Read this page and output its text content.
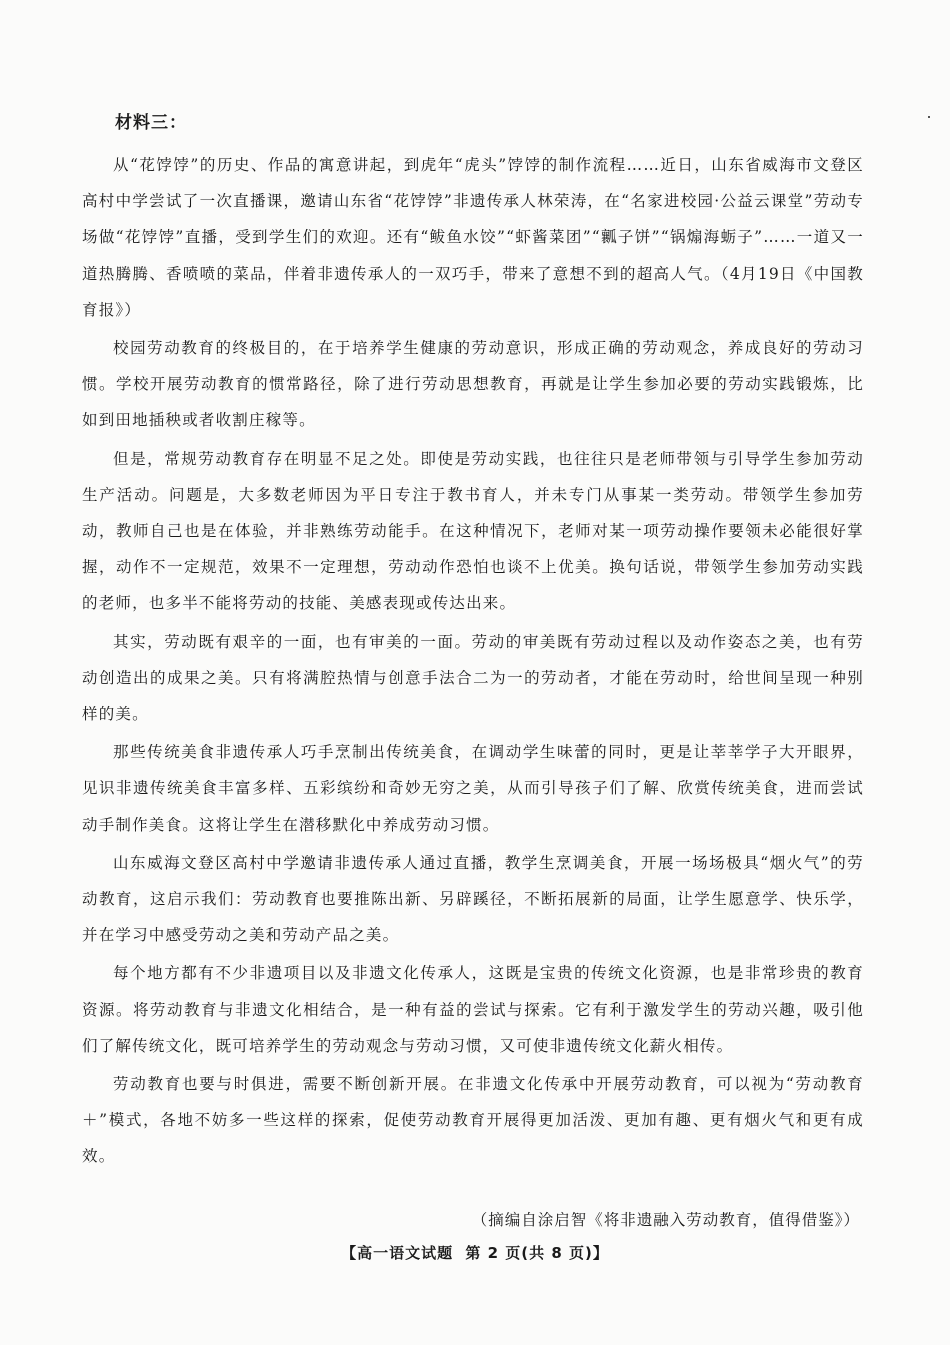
材料三：

从“花饽饽”的历史、作品的寓意讲起，到虎年“虎头”饽饽的制作流程……近日，山东省威海市文登区高村中学尝试了一次直播课，邀请山东省“花饽饽”非遗传承人林荣涛，在“名家进校园·公益云课堂”劳动专场做“花饽饽”直播，受到学生们的欢迎。还有“鲅鱼水饺”“虾酱菜团”“瓤子饼”“锅煽海蛎子”……一道又一道热腾腾、香喷喷的菜品，伴着非遗传承人的一双巧手，带来了意想不到的超高人气。（4月19日《中国教育报》）

校园劳动教育的终极目的，在于培养学生健康的劳动意识，形成正确的劳动观念，养成良好的劳动习惯。学校开展劳动教育的惯常路径，除了进行劳动思想教育，再就是让学生参加必要的劳动实践锻炼，比如到田地插秧或者收割庄稼等。

但是，常规劳动教育存在明显不足之处。即使是劳动实践，也往往只是老师带领与引导学生参加劳动生产活动。问题是，大多数老师因为平日专注于教书育人，并未专门从事某一类劳动。带领学生参加劳动，教师自己也是在体验，并非熟练劳动能手。在这种情况下，老师对某一项劳动操作要领未必能很好掌握，动作不一定规范，效果不一定理想，劳动动作恐怕也谈不上优美。换句话说，带领学生参加劳动实践的老师，也多半不能将劳动的技能、美感表现或传达出来。

其实，劳动既有艰辛的一面，也有审美的一面。劳动的审美既有劳动过程以及动作姿态之美，也有劳动创造出的成果之美。只有将满腔热情与创意手法合二为一的劳动者，才能在劳动时，给世间呈现一种别样的美。

那些传统美食非遗传承人巧手烹制出传统美食，在调动学生味蕾的同时，更是让莘莘学子大开眼界，见识非遗传统美食丰富多样、五彩缤纷和奇妙无穷之美，从而引导孩子们了解、欣赏传统美食，进而尝试动手制作美食。这将让学生在潜移默化中养成劳动习惯。

山东威海文登区高村中学邀请非遗传承人通过直播，教学生烹调美食，开展一场场极具“烟火气”的劳动教育，这启示我们：劳动教育也要推陈出新、另辟蹊径，不断拓展新的局面，让学生愿意学、快乐学，并在学习中感受劳动之美和劳动产品之美。

每个地方都有不少非遗项目以及非遗文化传承人，这既是宝贵的传统文化资源，也是非常珍贵的教育资源。将劳动教育与非遗文化相结合，是一种有益的尝试与探索。它有利于激发学生的劳动兴趣，吸引他们了解传统文化，既可培养学生的劳动观念与劳动习惯，又可使非遗传统文化薪火相传。

劳动教育也要与时俱进，需要不断创新开展。在非遗文化传承中开展劳动教育，可以视为“劳动教育＋”模式，各地不妨多一些这样的探索，促使劳动教育开展得更加活泼、更加有趣、更有烟火气和更有成效。

（摘编自涂启智《将非遗融入劳动教育，值得借鉴》）
【高一语文试题 第 2 页(共 8 页)】
